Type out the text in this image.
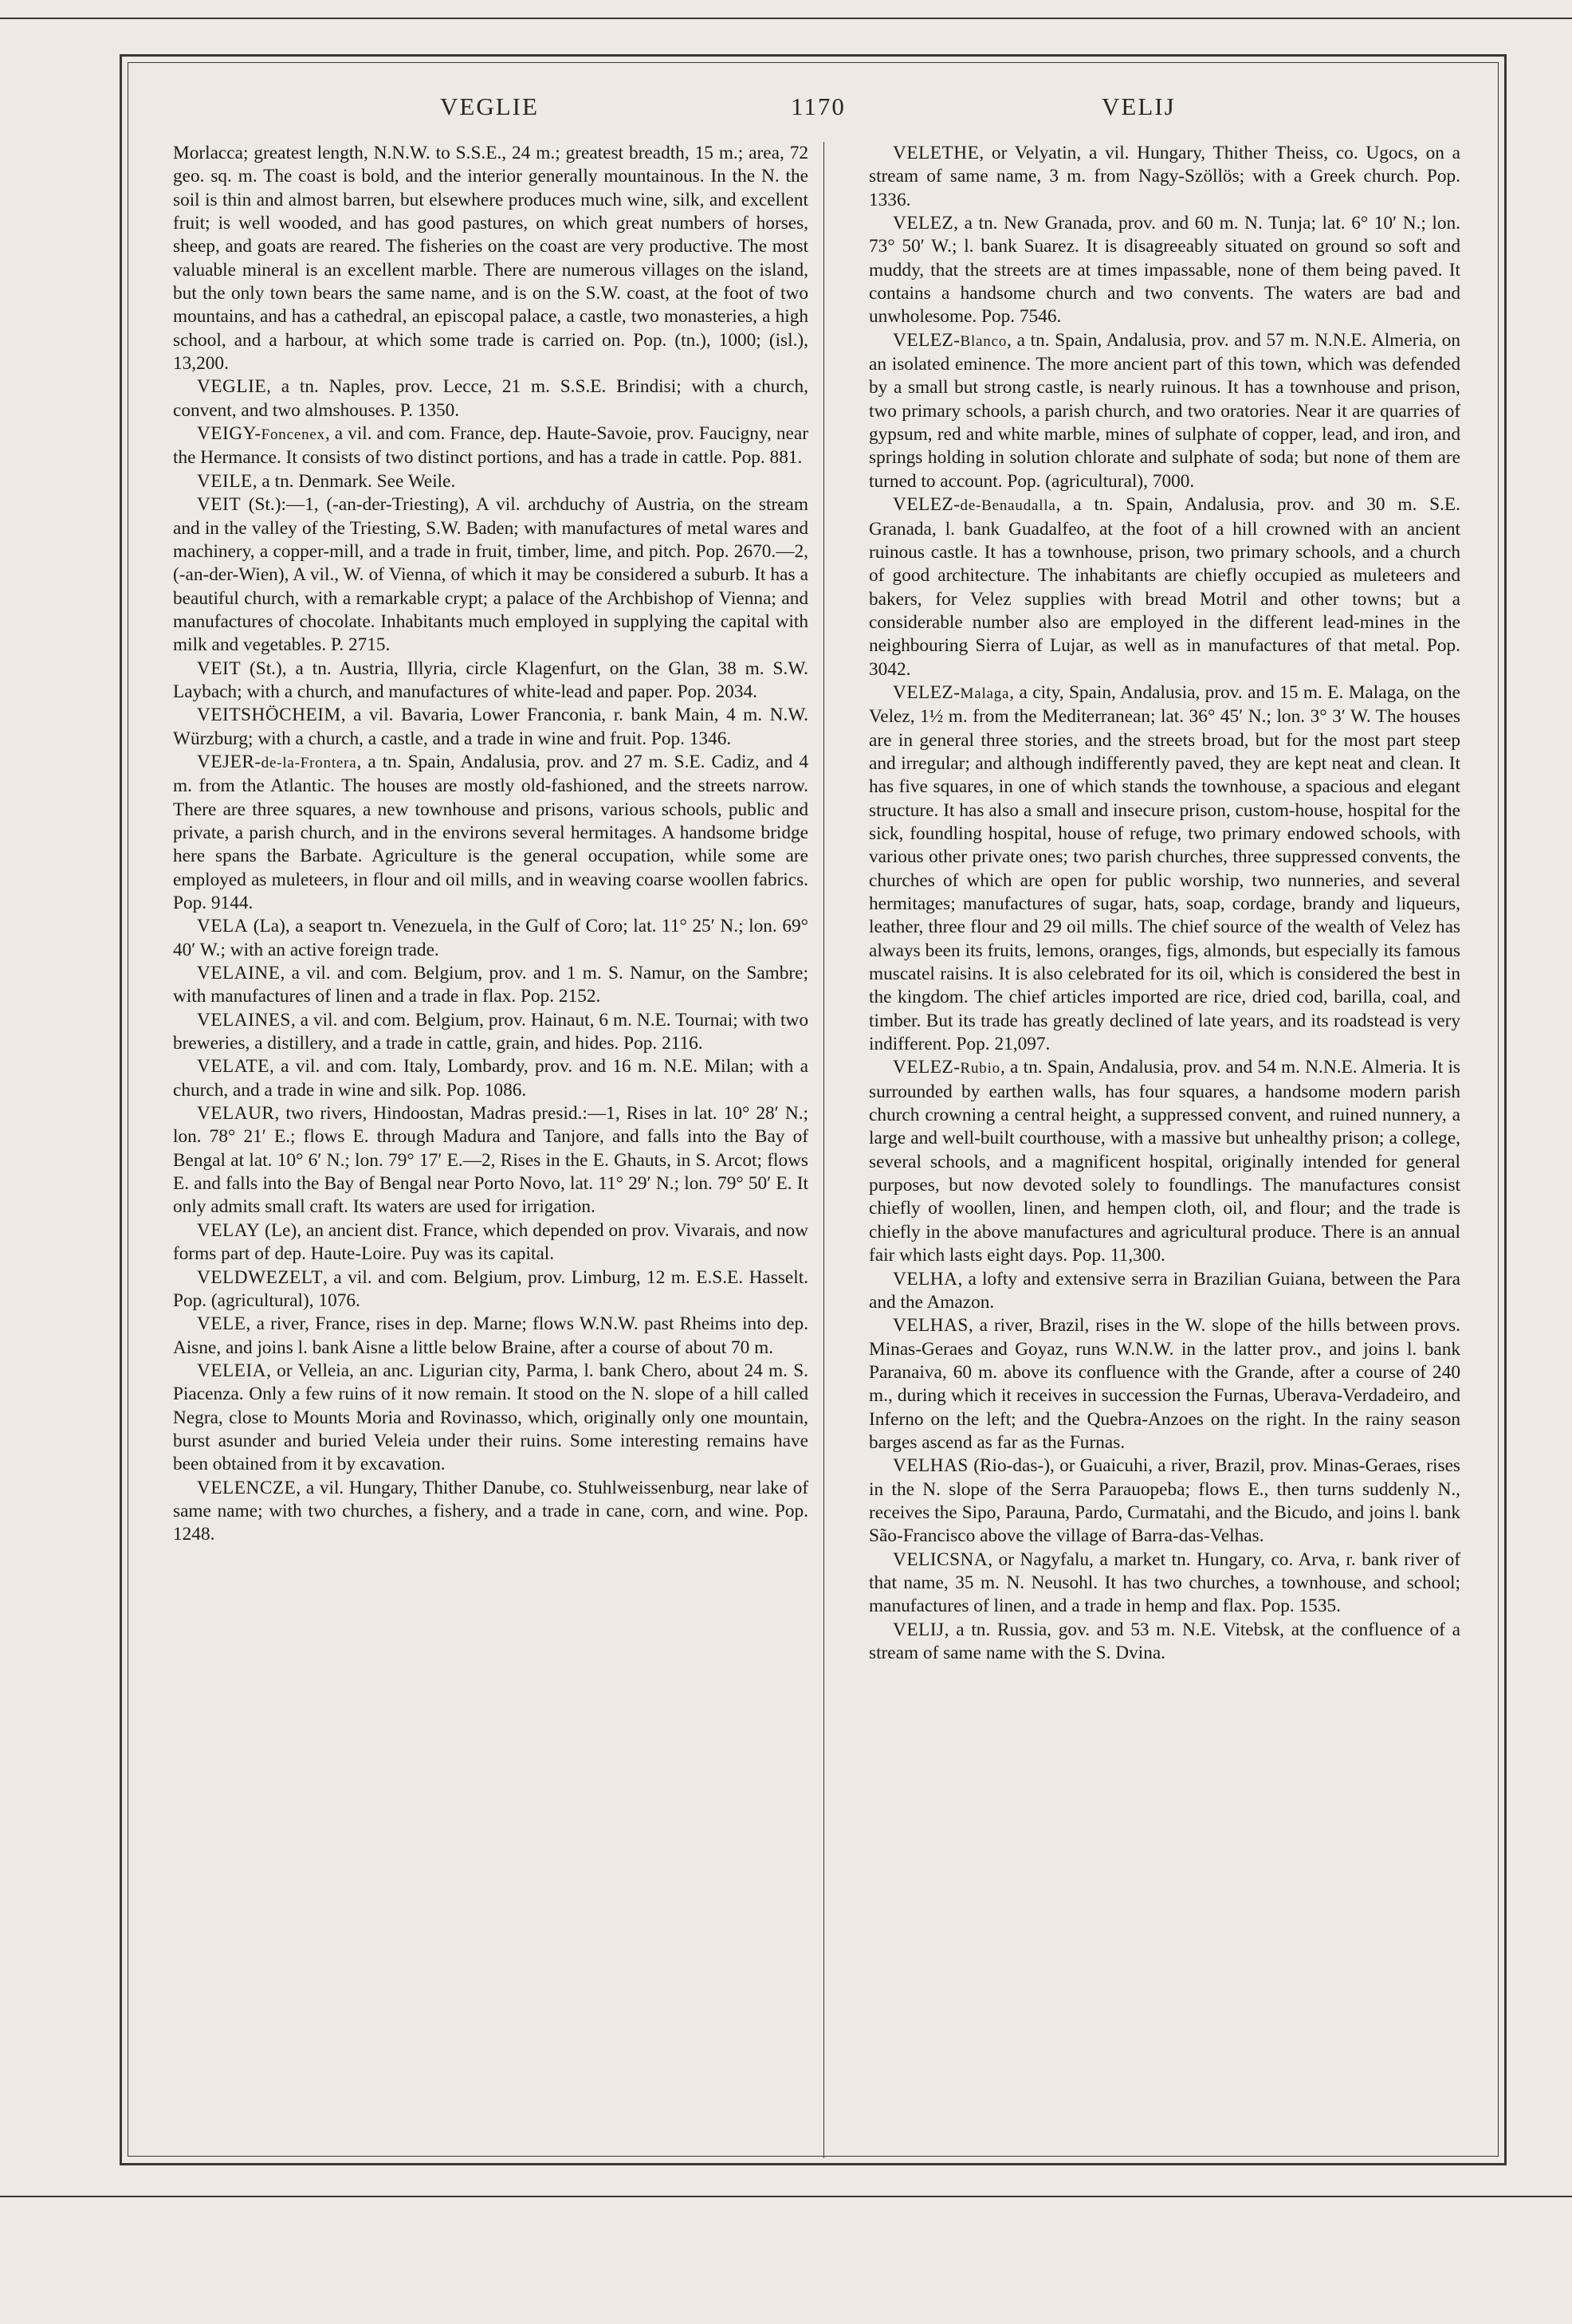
VEGLIE	1170	VELIJ

Morlacca; greatest length, N.N.W. to S.S.E., 24 m.; greatest breadth, 15 m.; area, 72 geo. sq. m. The coast is bold, and the interior generally mountainous. In the N. the soil is thin and almost barren, but elsewhere produces much wine, silk, and excellent fruit; is well wooded, and has good pastures, on which great numbers of horses, sheep, and goats are reared. The fisheries on the coast are very productive. The most valuable mineral is an excellent marble. There are numerous villages on the island, but the only town bears the same name, and is on the S.W. coast, at the foot of two mountains, and has a cathedral, an episcopal palace, a castle, two monasteries, a high school, and a harbour, at which some trade is carried on. Pop. (tn.), 1000; (isl.), 13,200.

VEGLIE, a tn. Naples, prov. Lecce, 21 m. S.S.E. Brindisi; with a church, convent, and two almshouses. P. 1350.

VEIGY-Foncenex, a vil. and com. France, dep. Haute-Savoie, prov. Faucigny, near the Hermance. It consists of two distinct portions, and has a trade in cattle. Pop. 881.

VEILE, a tn. Denmark. See Weile.

VEIT (St.):—1, (-an-der-Triesting), A vil. archduchy of Austria, on the stream and in the valley of the Triesting, S.W. Baden; with manufactures of metal wares and machinery, a copper-mill, and a trade in fruit, timber, lime, and pitch. Pop. 2670.—2, (-an-der-Wien), A vil., W. of Vienna, of which it may be considered a suburb. It has a beautiful church, with a remarkable crypt; a palace of the Archbishop of Vienna; and manufactures of chocolate. Inhabitants much employed in supplying the capital with milk and vegetables. P. 2715.

VEIT (St.), a tn. Austria, Illyria, circle Klagenfurt, on the Glan, 38 m. S.W. Laybach; with a church, and manufactures of white-lead and paper. Pop. 2034.

VEITSHÖCHEIM, a vil. Bavaria, Lower Franconia, r. bank Main, 4 m. N.W. Würzburg; with a church, a castle, and a trade in wine and fruit. Pop. 1346.

VEJER-de-la-Frontera, a tn. Spain, Andalusia, prov. and 27 m. S.E. Cadiz, and 4 m. from the Atlantic. The houses are mostly old-fashioned, and the streets narrow. There are three squares, a new townhouse and prisons, various schools, public and private, a parish church, and in the environs several hermitages. A handsome bridge here spans the Barbate. Agriculture is the general occupation, while some are employed as muleteers, in flour and oil mills, and in weaving coarse woollen fabrics. Pop. 9144.

VELA (La), a seaport tn. Venezuela, in the Gulf of Coro; lat. 11° 25′ N.; lon. 69° 40′ W.; with an active foreign trade.

VELAINE, a vil. and com. Belgium, prov. and 1 m. S. Namur, on the Sambre; with manufactures of linen and a trade in flax. Pop. 2152.

VELAINES, a vil. and com. Belgium, prov. Hainaut, 6 m. N.E. Tournai; with two breweries, a distillery, and a trade in cattle, grain, and hides. Pop. 2116.

VELATE, a vil. and com. Italy, Lombardy, prov. and 16 m. N.E. Milan; with a church, and a trade in wine and silk. Pop. 1086.

VELAUR, two rivers, Hindoostan, Madras presid.:—1, Rises in lat. 10° 28′ N.; lon. 78° 21′ E.; flows E. through Madura and Tanjore, and falls into the Bay of Bengal at lat. 10° 6′ N.; lon. 79° 17′ E.—2, Rises in the E. Ghauts, in S. Arcot; flows E. and falls into the Bay of Bengal near Porto Novo, lat. 11° 29′ N.; lon. 79° 50′ E. It only admits small craft. Its waters are used for irrigation.

VELAY (Le), an ancient dist. France, which depended on prov. Vivarais, and now forms part of dep. Haute-Loire. Puy was its capital.

VELDWEZELT, a vil. and com. Belgium, prov. Limburg, 12 m. E.S.E. Hasselt. Pop. (agricultural), 1076.

VELE, a river, France, rises in dep. Marne; flows W.N.W. past Rheims into dep. Aisne, and joins l. bank Aisne a little below Braine, after a course of about 70 m.

VELEIA, or Velleia, an anc. Ligurian city, Parma, l. bank Chero, about 24 m. S. Piacenza. Only a few ruins of it now remain. It stood on the N. slope of a hill called Negra, close to Mounts Moria and Rovinasso, which, originally only one mountain, burst asunder and buried Veleia under their ruins. Some interesting remains have been obtained from it by excavation.

VELENCZE, a vil. Hungary, Thither Danube, co. Stuhlweissenburg, near lake of same name; with two churches, a fishery, and a trade in cane, corn, and wine. Pop. 1248.

VELETHE, or Velyatin, a vil. Hungary, Thither Theiss, co. Ugocs, on a stream of same name, 3 m. from Nagy-Szöllös; with a Greek church. Pop. 1336.

VELEZ, a tn. New Granada, prov. and 60 m. N. Tunja; lat. 6° 10′ N.; lon. 73° 50′ W.; l. bank Suarez. It is disagreeably situated on ground so soft and muddy, that the streets are at times impassable, none of them being paved. It contains a handsome church and two convents. The waters are bad and unwholesome. Pop. 7546.

VELEZ-Blanco, a tn. Spain, Andalusia, prov. and 57 m. N.N.E. Almeria, on an isolated eminence. The more ancient part of this town, which was defended by a small but strong castle, is nearly ruinous. It has a townhouse and prison, two primary schools, a parish church, and two oratories. Near it are quarries of gypsum, red and white marble, mines of sulphate of copper, lead, and iron, and springs holding in solution chlorate and sulphate of soda; but none of them are turned to account. Pop. (agricultural), 7000.

VELEZ-de-Benaudalla, a tn. Spain, Andalusia, prov. and 30 m. S.E. Granada, l. bank Guadalfeo, at the foot of a hill crowned with an ancient ruinous castle. It has a townhouse, prison, two primary schools, and a church of good architecture. The inhabitants are chiefly occupied as muleteers and bakers, for Velez supplies with bread Motril and other towns; but a considerable number also are employed in the different lead-mines in the neighbouring Sierra of Lujar, as well as in manufactures of that metal. Pop. 3042.

VELEZ-Malaga, a city, Spain, Andalusia, prov. and 15 m. E. Malaga, on the Velez, 1½ m. from the Mediterranean; lat. 36° 45′ N.; lon. 3° 3′ W. The houses are in general three stories, and the streets broad, but for the most part steep and irregular; and although indifferently paved, they are kept neat and clean. It has five squares, in one of which stands the townhouse, a spacious and elegant structure. It has also a small and insecure prison, custom-house, hospital for the sick, foundling hospital, house of refuge, two primary endowed schools, with various other private ones; two parish churches, three suppressed convents, the churches of which are open for public worship, two nunneries, and several hermitages; manufactures of sugar, hats, soap, cordage, brandy and liqueurs, leather, three flour and 29 oil mills. The chief source of the wealth of Velez has always been its fruits, lemons, oranges, figs, almonds, but especially its famous muscatel raisins. It is also celebrated for its oil, which is considered the best in the kingdom. The chief articles imported are rice, dried cod, barilla, coal, and timber. But its trade has greatly declined of late years, and its roadstead is very indifferent. Pop. 21,097.

VELEZ-Rubio, a tn. Spain, Andalusia, prov. and 54 m. N.N.E. Almeria. It is surrounded by earthen walls, has four squares, a handsome modern parish church crowning a central height, a suppressed convent, and ruined nunnery, a large and well-built courthouse, with a massive but unhealthy prison; a college, several schools, and a magnificent hospital, originally intended for general purposes, but now devoted solely to foundlings. The manufactures consist chiefly of woollen, linen, and hempen cloth, oil, and flour; and the trade is chiefly in the above manufactures and agricultural produce. There is an annual fair which lasts eight days. Pop. 11,300.

VELHA, a lofty and extensive serra in Brazilian Guiana, between the Para and the Amazon.

VELHAS, a river, Brazil, rises in the W. slope of the hills between provs. Minas-Geraes and Goyaz, runs W.N.W. in the latter prov., and joins l. bank Paranaiva, 60 m. above its confluence with the Grande, after a course of 240 m., during which it receives in succession the Furnas, Uberava-Verdadeiro, and Inferno on the left; and the Quebra-Anzoes on the right. In the rainy season barges ascend as far as the Furnas.

VELHAS (Rio-das-), or Guaicuhi, a river, Brazil, prov. Minas-Geraes, rises in the N. slope of the Serra Parauopeba; flows E., then turns suddenly N., receives the Sipo, Parauna, Pardo, Curmatahi, and the Bicudo, and joins l. bank São-Francisco above the village of Barra-das-Velhas.

VELICSNA, or Nagyfalu, a market tn. Hungary, co. Arva, r. bank river of that name, 35 m. N. Neusohl. It has two churches, a townhouse, and school; manufactures of linen, and a trade in hemp and flax. Pop. 1535.

VELIJ, a tn. Russia, gov. and 53 m. N.E. Vitebsk, at the confluence of a stream of same name with the S. Dvina.
